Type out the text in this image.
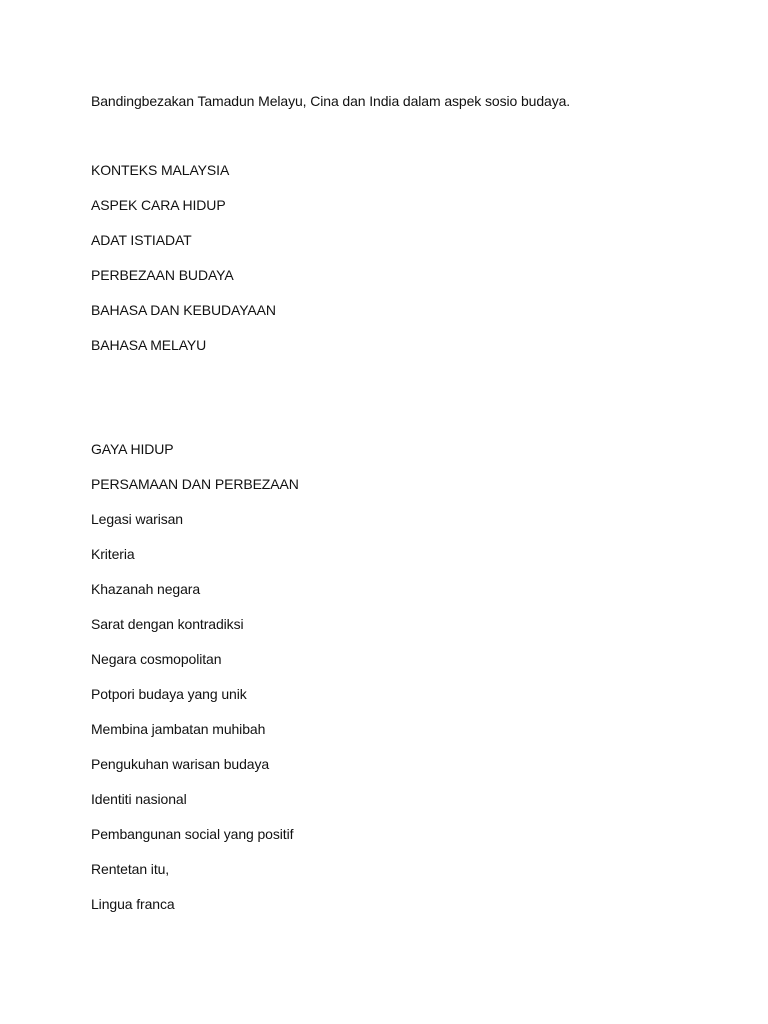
Bandingbezakan Tamadun Melayu, Cina dan India dalam aspek sosio budaya.
KONTEKS MALAYSIA
ASPEK CARA HIDUP
ADAT ISTIADAT
PERBEZAAN BUDAYA
BAHASA DAN KEBUDAYAAN
BAHASA MELAYU
GAYA HIDUP
PERSAMAAN DAN PERBEZAAN
Legasi warisan
Kriteria
Khazanah negara
Sarat dengan kontradiksi
Negara cosmopolitan
Potpori budaya yang unik
Membina jambatan muhibah
Pengukuhan warisan budaya
Identiti nasional
Pembangunan social yang positif
Rentetan itu,
Lingua franca
